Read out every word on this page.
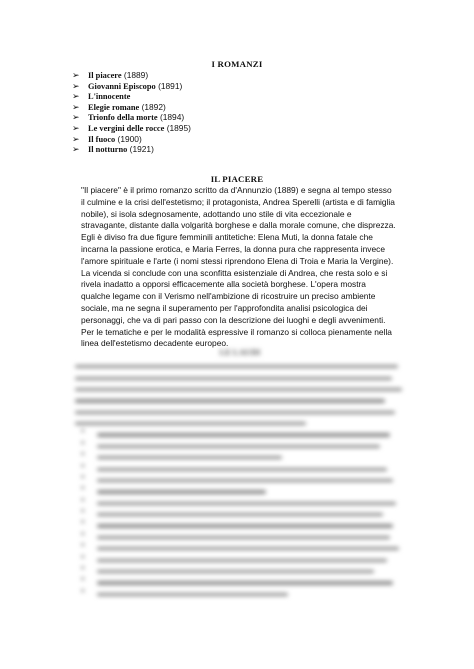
I ROMANZI
➢ Il piacere (1889)
➢ Giovanni Episcopo (1891)
➢ L'innocente
➢ Elegie romane (1892)
➢ Trionfo della morte (1894)
➢ Le vergini delle rocce (1895)
➢ Il fuoco (1900)
➢ Il notturno (1921)
IL PIACERE

"Il piacere" è il primo romanzo scritto da d'Annunzio (1889) e segna al tempo stesso il culmine e la crisi dell'estetismo; il protagonista, Andrea Sperelli (artista e di famiglia nobile), si isola sdegnosamente, adottando uno stile di vita eccezionale e stravagante, distante dalla volgarità borghese e dalla morale comune, che disprezza. Egli è diviso fra due figure femminili antitetiche: Elena Muti, la donna fatale che incarna la passione erotica, e Maria Ferres, la donna pura che rappresenta invece l'amore spirituale e l'arte (i nomi stessi riprendono Elena di Troia e Maria la Vergine). La vicenda si conclude con una sconfitta esistenziale di Andrea, che resta solo e si rivela inadatto a opporsi efficacemente alla società borghese. L'opera mostra qualche legame con il Verismo nell'ambizione di ricostruire un preciso ambiente sociale, ma ne segna il superamento per l'approfondita analisi psicologica dei personaggi, che va di pari passo con la descrizione dei luoghi e degli avvenimenti. Per le tematiche e per le modalità espressive il romanzo si colloca pienamente nella linea dell'estetismo decadente europeo.

LE LAUDI
•
•
•
•
•
•
•
•
•
•
•
•
•
•
•
